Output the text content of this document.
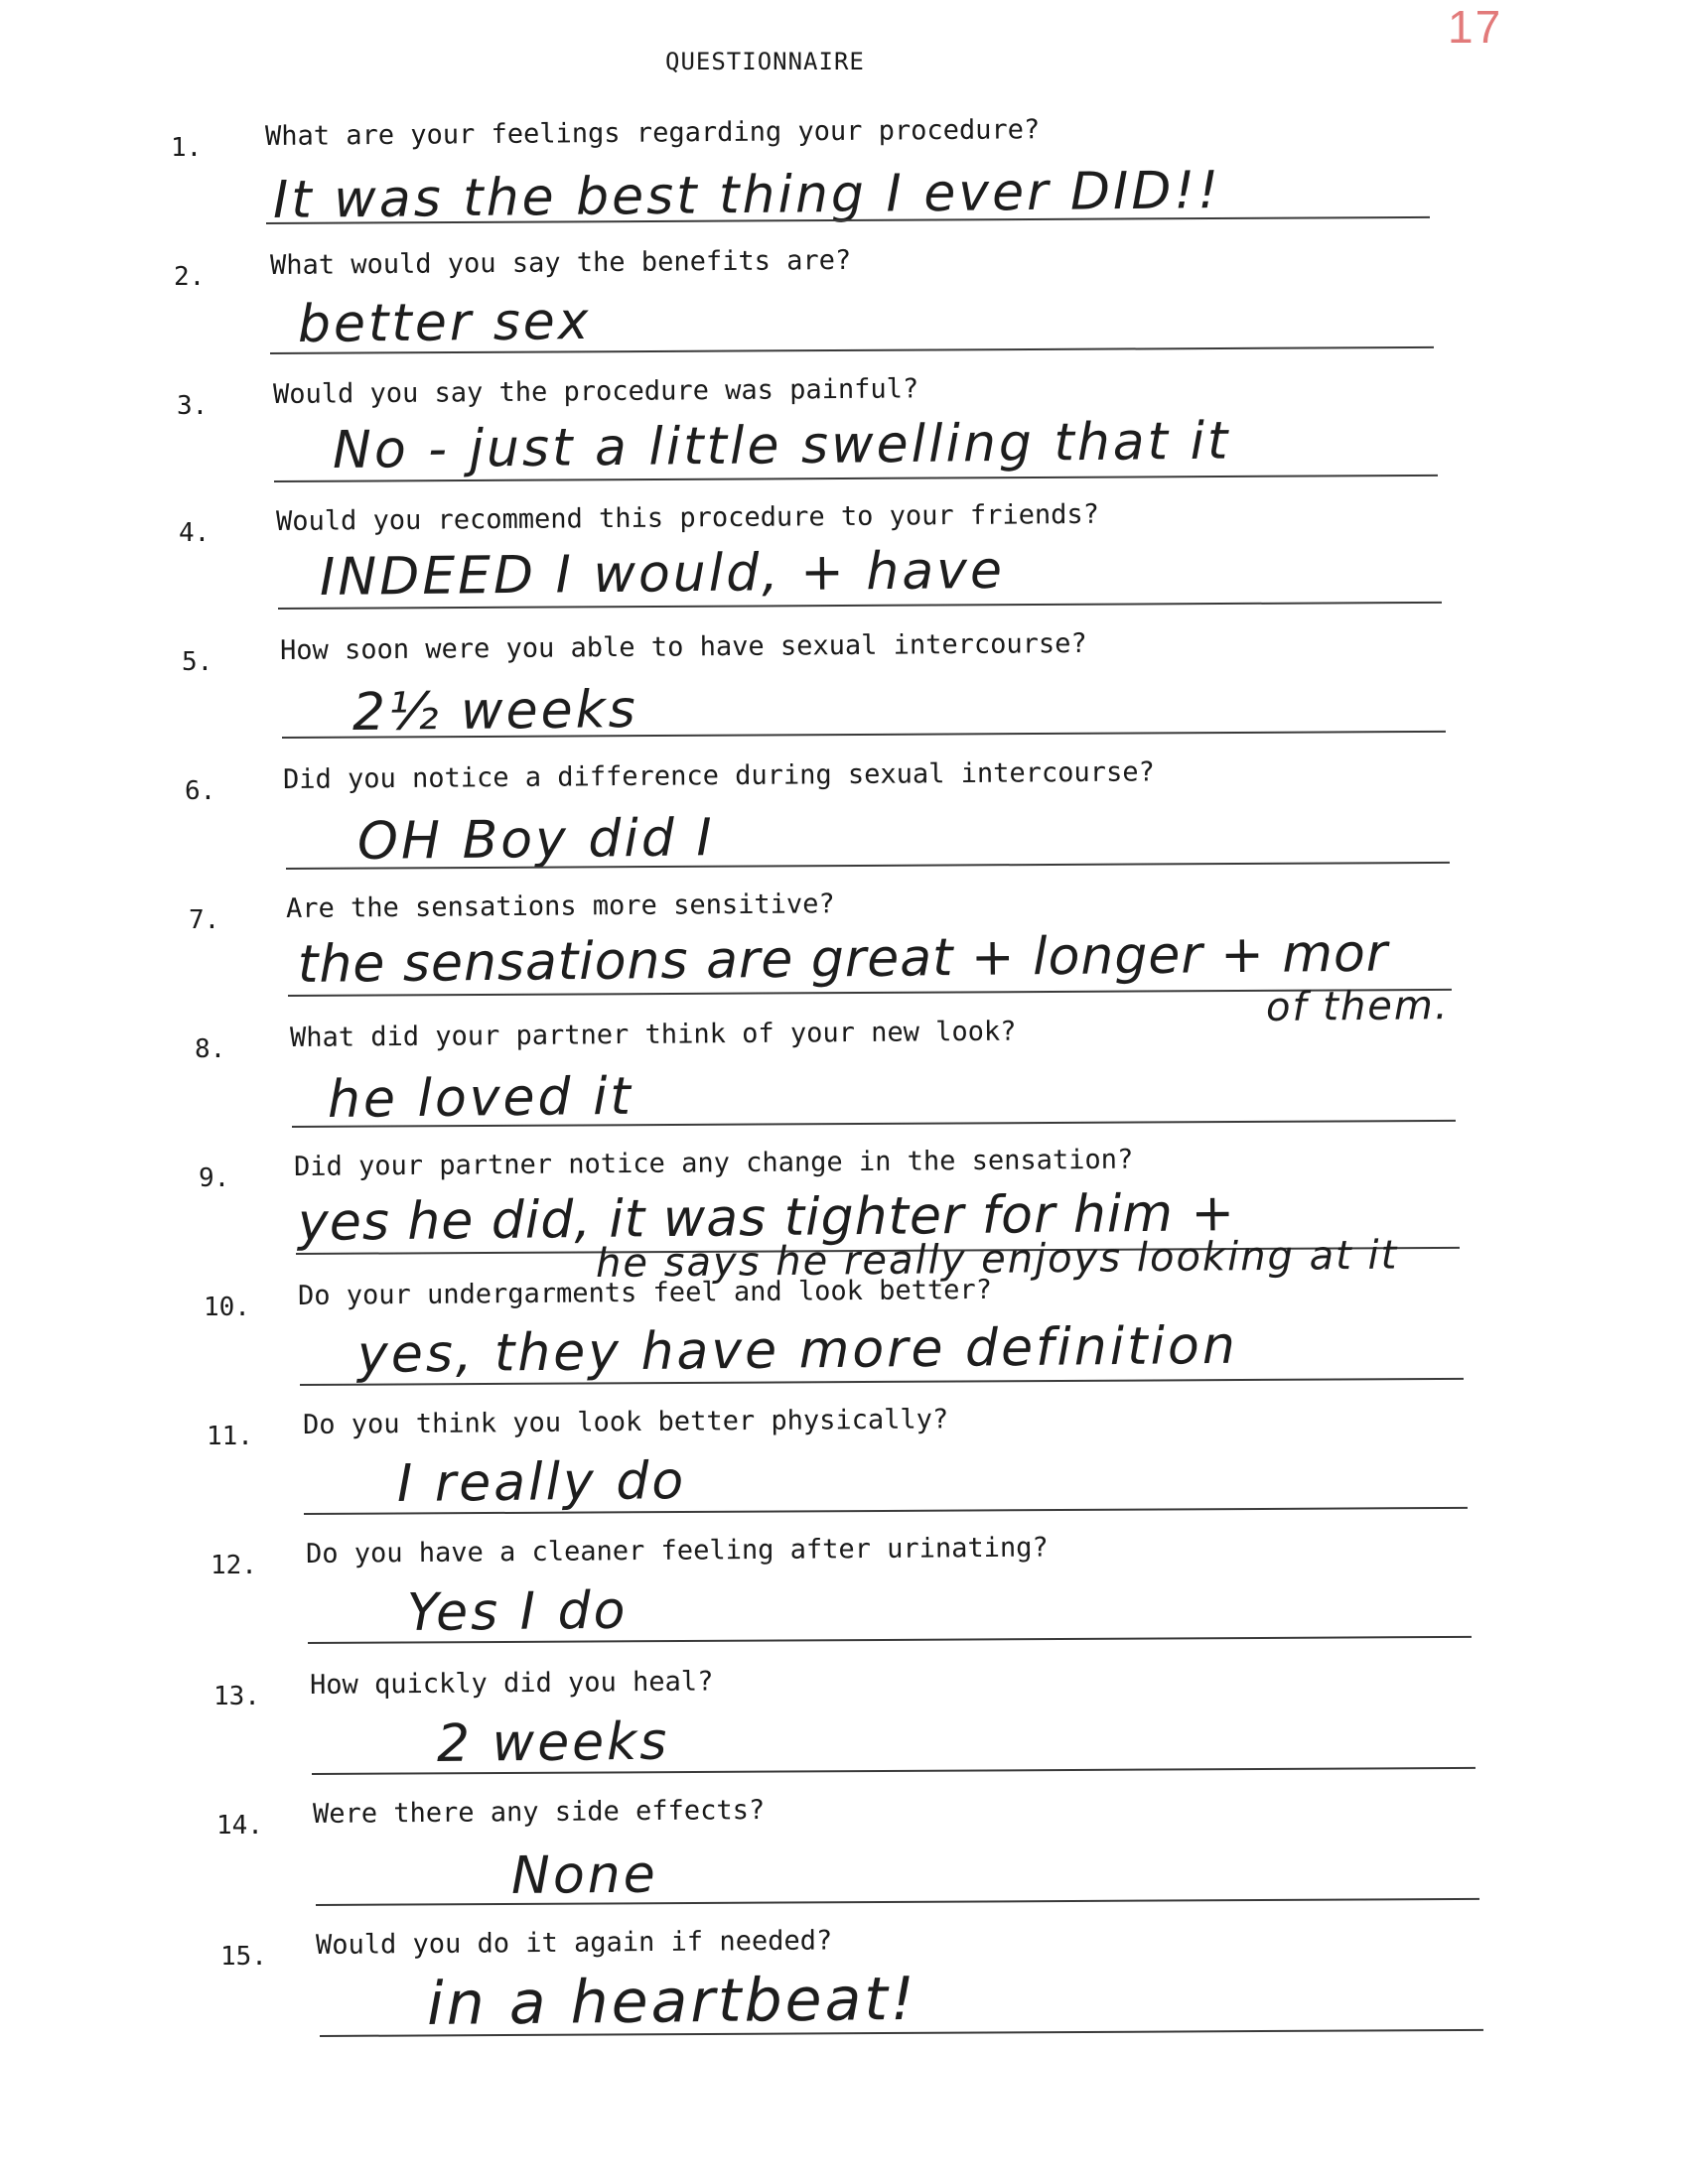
17
QUESTIONNAIRE
1. What are your feelings regarding your procedure?
It was the best thing I ever DID!!
2. What would you say the benefits are?
better sex
3. Would you say the procedure was painful?
No - just a little swelling that it
4. Would you recommend this procedure to your friends?
INDEED I would, + have
5.	How soon were you able to have sexual intercourse?
2½ weeks
6.	Did you notice a difference during sexual intercourse?
OH Boy did I
7. Are the sensations more sensitive?
the sensations are great + longer + mor
of them.
8. What did your partner think of your new look?
he loved it
9. Did your partner notice any change in the sensation?
yes he did, it was tighter for him +
he says he really enjoys looking at it
10. Do your undergarments feel and look better?
yes, they have more definition
11. Do you think you look better physically?
I really do
12. Do you have a cleaner feeling after urinating?
Yes I do
13. How quickly did you heal?
2 weeks
14. Were there any side effects?
None
15. Would you do it again if needed?
in a heartbeat!
